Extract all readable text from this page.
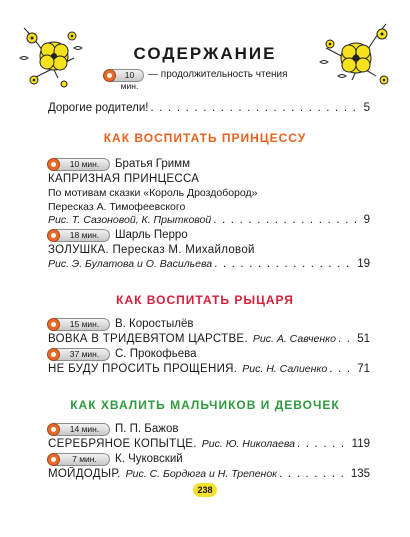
СОДЕРЖАНИЕ
10 мин.
— продолжительность чтения
Дорогие родители! . . .	5
КАК ВОСПИТАТЬ ПРИНЦЕССУ
10 мин.	Братья Гримм
КАПРИЗНАЯ ПРИНЦЕССА
По мотивам сказки «Король Дроздобород»
Пересказ А. Тимофеевского
Рис. Т. Сазоновой, К. Прытковой . . .	9
18 мин.	Шарль Перро
ЗОЛУШКА. Пересказ М. Михайловой
Рис. Э. Булатова и О. Васильева . . .	19
КАК ВОСПИТАТЬ РЫЦАРЯ
15 мин.	В. Коростылёв
ВОВКА В ТРИДЕВЯТОМ ЦАРСТВЕ. Рис. А. Савченко . . . 51
37 мин.	С. Прокофьева
НЕ БУДУ ПРОСИТЬ ПРОЩЕНИЯ. Рис. Н. Салиенко . . .	71
КАК ХВАЛИТЬ МАЛЬЧИКОВ И ДЕВОЧЕК
14 мин.	П. П. Бажов
СЕРЕБРЯНОЕ КОПЫТЦЕ. Рис. Ю. Николаева . . .	119
7 мин.	К. Чуковский
МОЙДОДЫР. Рис. С. Бордюга и Н. Трепенок . . .	135
238
